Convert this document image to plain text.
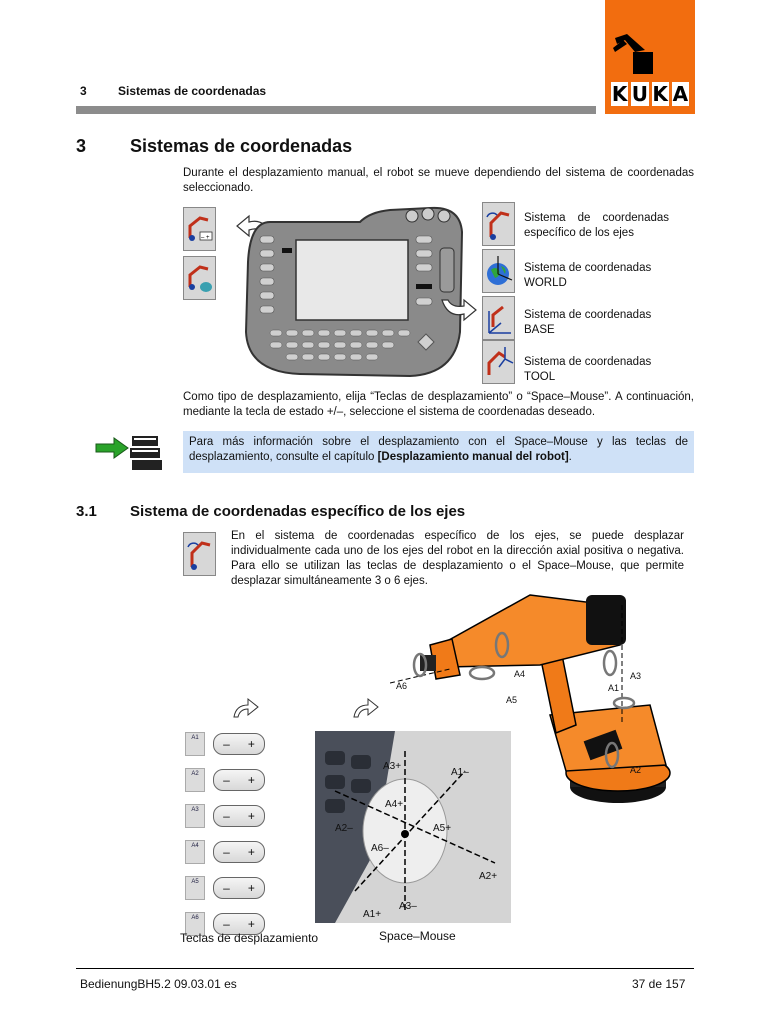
3	Sistemas de coordenadas	K U K A
3 Sistemas de coordenadas
Durante el desplazamiento manual, el robot se mueve dependiendo del sistema de coordenadas seleccionado.
– +
Sistema de coordenadas específico de los ejes
Sistema de coordenadas WORLD
Sistema de coordenadas BASE
Sistema de coordenadas TOOL
Como tipo de desplazamiento, elija “Teclas de desplazamiento” o “Space–Mouse”. A continuación, mediante la tecla de estado +/–, seleccione el sistema de coordenadas deseado.
Para más información sobre el desplazamiento con el Space–Mouse y las teclas de desplazamiento, consulte el capítulo [Desplazamiento manual del robot].
3.1 Sistema de coordenadas específico de los ejes
En el sistema de coordenadas específico de los ejes, se puede desplazar individualmente cada uno de los ejes del robot en la dirección axial positiva o negativa. Para ello se utilizan las teclas de desplazamiento o el Space–Mouse, que permite desplazar simultáneamente 3 o 6 ejes.
A1	– +
A2	– +
A3	– +
A4	– +
A5	– +
A6	– +
Teclas de desplazamiento
A3+
A1–
A4+
A2–	A5+
A6–
A2+
A3–
A1+
Space–Mouse
A6
A5
A4	A3
A1
A2
BedienungBH5.2 09.03.01 es	37 de 157
